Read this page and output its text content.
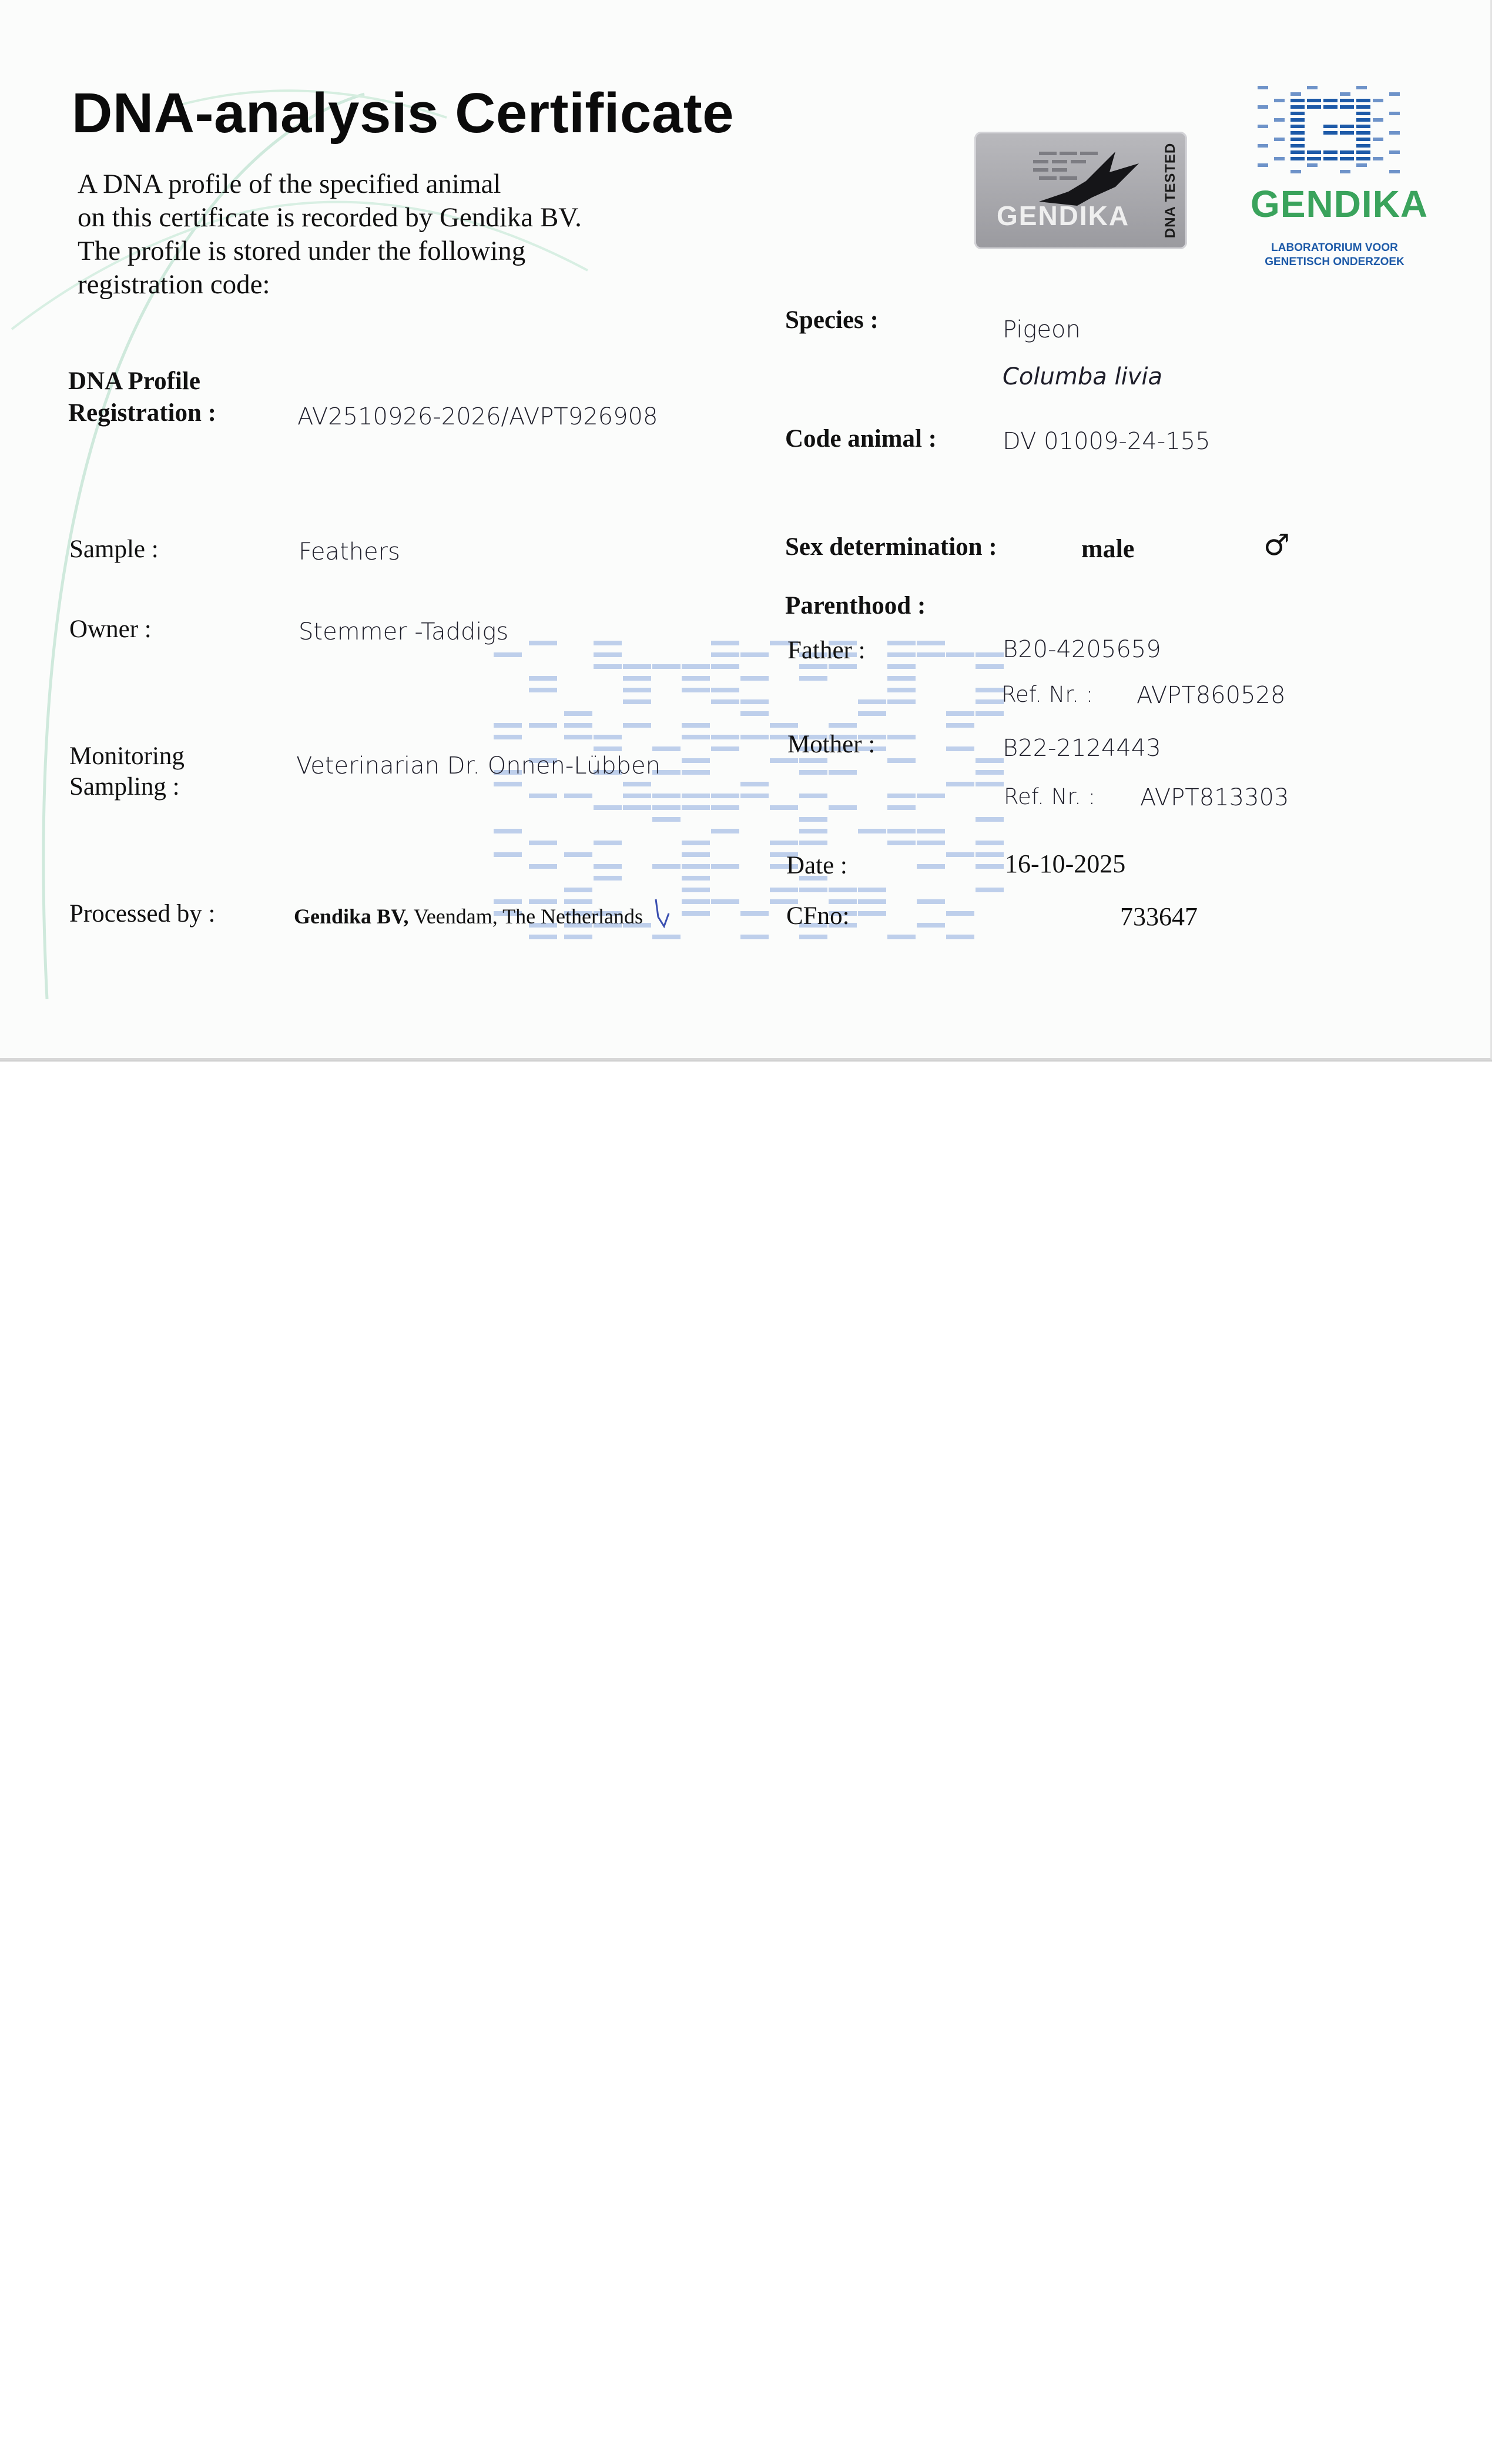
DNA-analysis Certificate
A DNA profile of the specified animal
on this certificate is recorded by Gendika BV.
The profile is stored under the following
registration code:
GENDIKA DNA TESTED GENDIKA
LABORATORIUM VOOR
GENETISCH ONDERZOEK
DNA Profile
Registration :	AV2510926-2026/AVPT926908
Sample :	Feathers
Owner :	Stemmer -Taddigs
Monitoring
Sampling :
Veterinarian Dr. Onnen-Lübben
Processed by :	Gendika BV, Veendam, The Netherlands
Species :	Pigeon
Columba livia
Code animal :	DV 01009-24-155
Sex determination :	male	♂
Parenthood :
Father :	B20-4205659
Ref. Nr. : AVPT860528
Mother :	B22-2124443
Ref. Nr. : AVPT813303
Date :	16-10-2025
CFno:	733647
